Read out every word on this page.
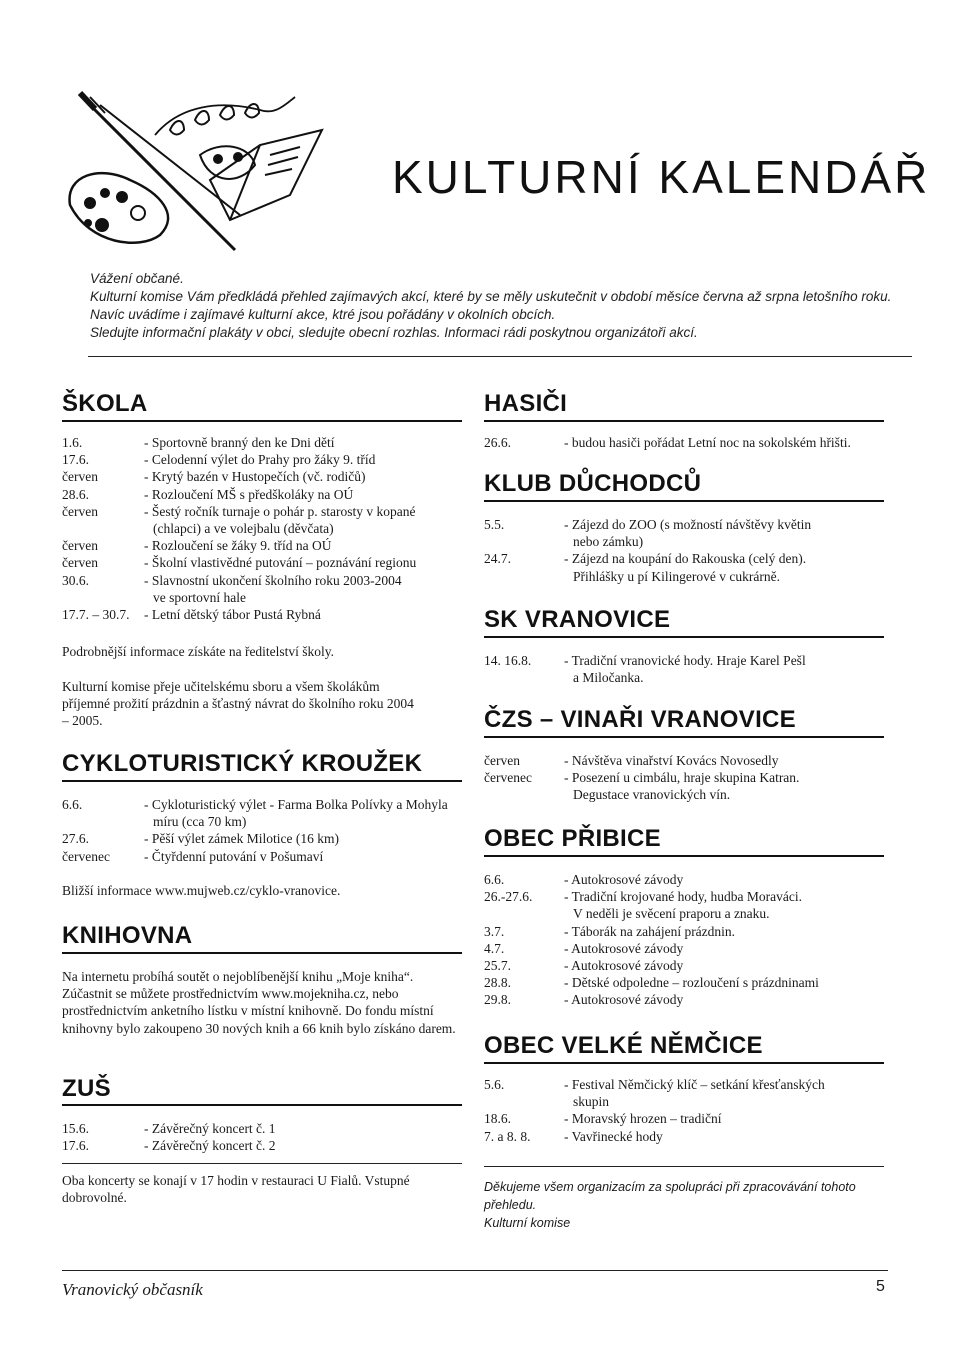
KULTURNÍ KALENDÁŘ
Vážení občané.
Kulturní komise Vám předkládá přehled zajímavých akcí, které by se měly uskutečnit v období měsíce června až srpna letošního roku.
Navíc uvádíme i zajímavé kulturní akce, ktré jsou pořádány v okolních obcích.
Sledujte informační plakáty v obci, sledujte obecní rozhlas. Informaci rádi poskytnou organizátoři akcí.
ŠKOLA
1.6.	- Sportovně branný den ke Dni dětí
17.6.	- Celodenní výlet do Prahy pro žáky 9. tříd
červen	- Krytý bazén v Hustopečích (vč. rodičů)
28.6.	- Rozloučení MŠ s předškoláky na OÚ
červen	- Šestý ročník turnaje o pohár p. starosty v kopané
(chlapci) a ve volejbalu (děvčata)
červen	- Rozloučení se žáky 9. tříd na OÚ
červen	- Školní vlastivědné putování – poznávání regionu
30.6.	- Slavnostní ukončení školního roku 2003-2004
ve sportovní hale
17.7. – 30.7.	- Letní dětský tábor Pustá Rybná
Podrobnější informace získáte na ředitelství školy.
Kulturní komise přeje učitelskému sboru a všem školákům příjemné prožití prázdnin a šťastný návrat do školního roku 2004 – 2005.
CYKLOTURISTICKÝ KROUŽEK
6.6.	- Cykloturistický výlet - Farma Bolka Polívky a Mohyla
míru (cca 70 km)
27.6.	- Pěší výlet zámek Milotice (16 km)
červenec	- Čtyřdenní putování v Pošumaví
Bližší informace www.mujweb.cz/cyklo-vranovice.
KNIHOVNA
Na internetu probíhá soutět o nejoblíbenější knihu „Moje kniha“. Zúčastnit se můžete prostřednictvím www.mojekniha.cz, nebo prostřednictvím anketního lístku v místní knihovně. Do fondu místní knihovny bylo zakoupeno 30 nových knih a 66 knih bylo získáno darem.
ZUŠ
15.6.	- Závěrečný koncert č. 1
17.6.	- Závěrečný koncert č. 2
Oba koncerty se konají v 17 hodin v restauraci U Fialů. Vstupné dobrovolné.
HASIČI
26.6.	- budou hasiči pořádat Letní noc na sokolském hřišti.
KLUB DŮCHODCŮ
5.5.	- Zájezd do ZOO (s možností návštěvy květin
nebo zámku)
24.7.	- Zájezd na koupání do Rakouska (celý den).
Přihlášky u pí Kilingerové v cukrárně.
SK VRANOVICE
14. 16.8.	- Tradiční vranovické hody. Hraje Karel Pešl
a Miločanka.
ČZS – VINAŘI VRANOVICE
červen	- Návštěva vinařství Kovács Novosedly
červenec	- Posezení u cimbálu, hraje skupina Katran.
Degustace vranovických vín.
OBEC PŘIBICE
6.6.	- Autokrosové závody
26.-27.6.	- Tradiční krojované hody, hudba Moraváci.
V neděli je svěcení praporu a znaku.
3.7.	- Táborák na zahájení prázdnin.
4.7.	- Autokrosové závody
25.7.	- Autokrosové závody
28.8.	- Dětské odpoledne – rozloučení s prázdninami
29.8.	- Autokrosové závody
OBEC VELKÉ NĚMČICE
5.6.	- Festival Němčický klíč – setkání křesťanských
skupin
18.6.	- Moravský hrozen – tradiční
7. a 8. 8.	- Vavřinecké hody
Děkujeme všem organizacím za spolupráci při zpracovávání tohoto
přehledu.
Kulturní komise
Vranovický občasník	5
